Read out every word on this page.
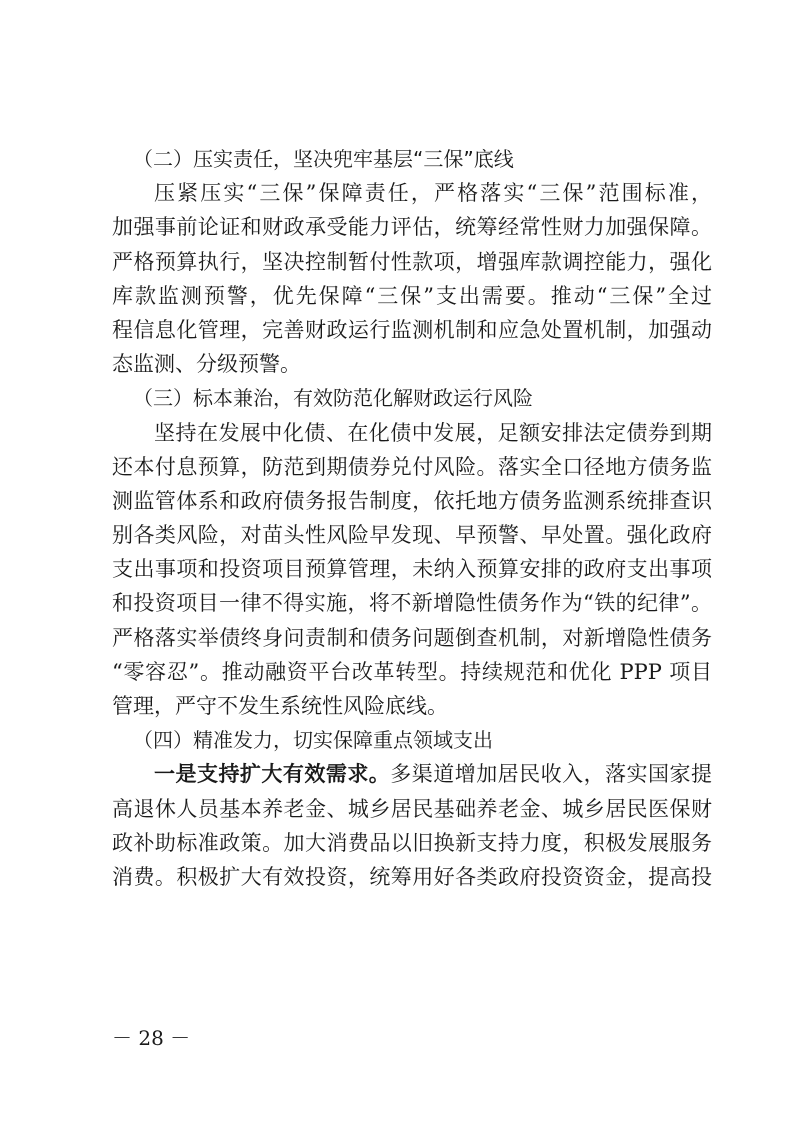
（二）压实责任，坚决兜牢基层“三保”底线
压紧压实“三保”保障责任，严格落实“三保”范围标准，
加强事前论证和财政承受能力评估，统筹经常性财力加强保障。
严格预算执行，坚决控制暂付性款项，增强库款调控能力，强化
库款监测预警，优先保障“三保”支出需要。推动“三保”全过
程信息化管理，完善财政运行监测机制和应急处置机制，加强动
态监测、分级预警。
（三）标本兼治，有效防范化解财政运行风险
坚持在发展中化债、在化债中发展，足额安排法定债券到期
还本付息预算，防范到期债券兑付风险。落实全口径地方债务监
测监管体系和政府债务报告制度，依托地方债务监测系统排查识
别各类风险，对苗头性风险早发现、早预警、早处置。强化政府
支出事项和投资项目预算管理，未纳入预算安排的政府支出事项
和投资项目一律不得实施，将不新增隐性债务作为“铁的纪律”。
严格落实举债终身问责制和债务问题倒查机制，对新增隐性债务
“零容忍”。推动融资平台改革转型。持续规范和优化 PPP 项目
管理，严守不发生系统性风险底线。
（四）精准发力，切实保障重点领域支出
一是支持扩大有效需求。多渠道增加居民收入，落实国家提
高退休人员基本养老金、城乡居民基础养老金、城乡居民医保财
政补助标准政策。加大消费品以旧换新支持力度，积极发展服务
消费。积极扩大有效投资，统筹用好各类政府投资资金，提高投
－ 28 －
